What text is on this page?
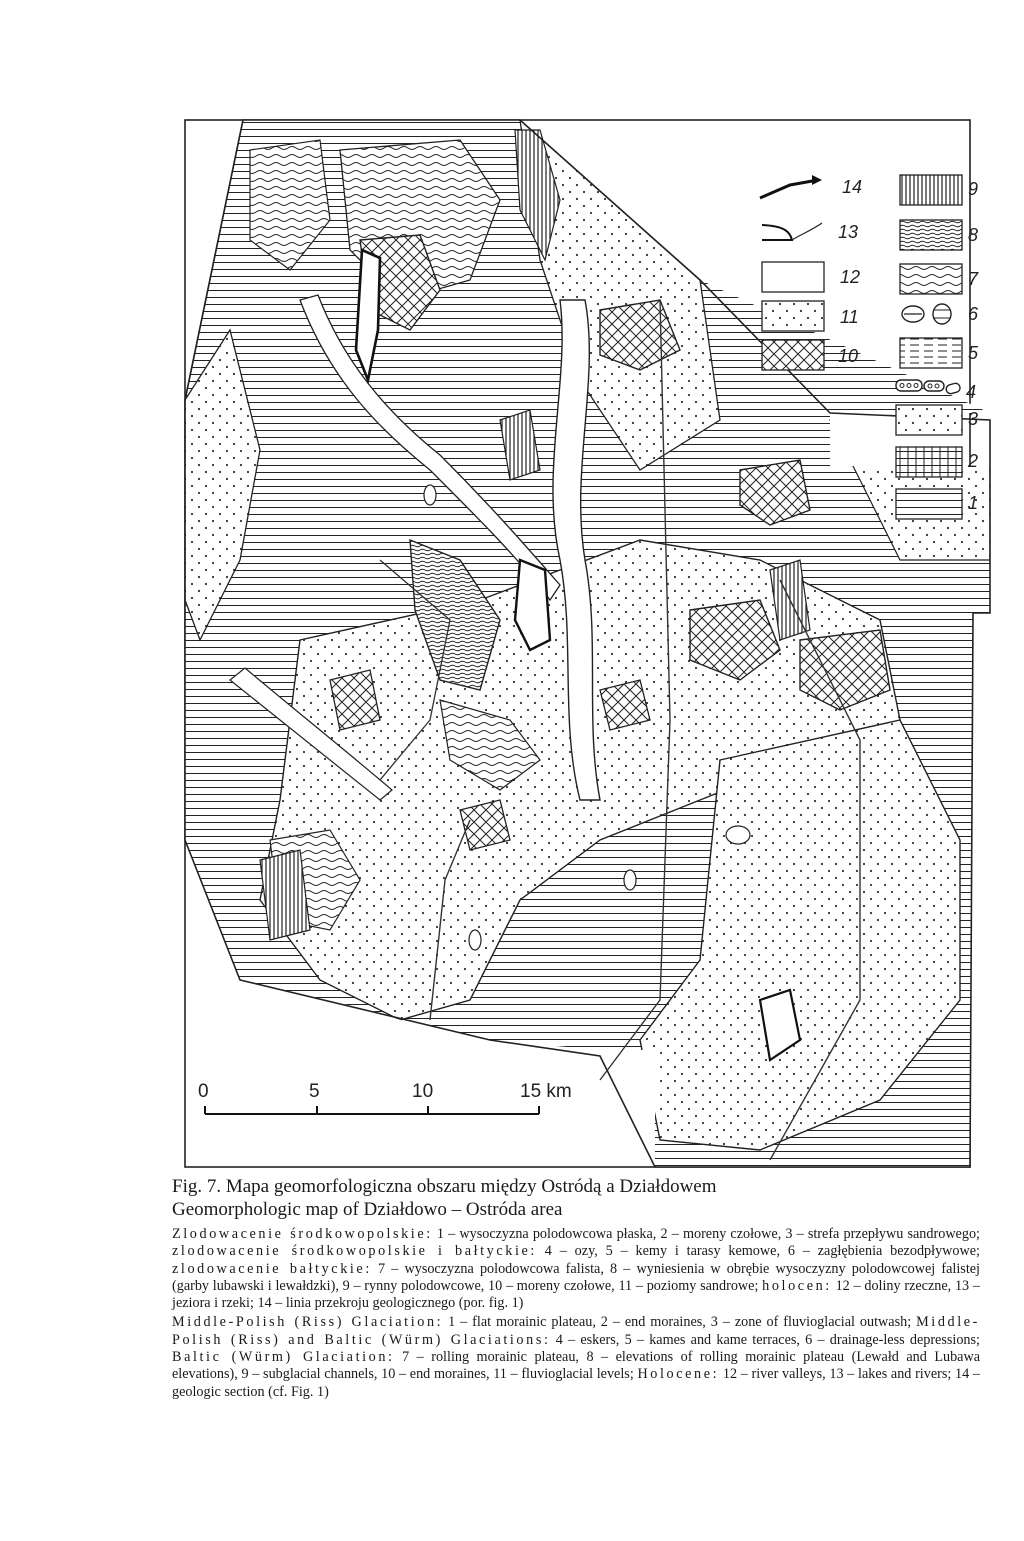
14
13
12
11
10
9
8
7
6
5
4
3
2
1
0	5	10	15 km
Fig. 7. Mapa geomorfologiczna obszaru między Ostródą a Działdowem
Geomorphologic map of Działdowo – Ostróda area

Zlodowacenie środkowopolskie: 1 – wysoczyzna polodowcowa płaska, 2 – moreny czołowe, 3 – strefa przepływu sandrowego; zlodowacenie środkowopolskie i bałtyckie: 4 – ozy, 5 – kemy i tarasy kemowe, 6 – zagłębienia bezodpływowe; zlodowacenie bałtyckie: 7 – wysoczyzna polodowcowa falista, 8 – wyniesienia w obrębie wysoczyzny polodowcowej falistej (garby lubawski i lewałdzki), 9 – rynny polodowcowe, 10 – moreny czołowe, 11 – poziomy sandrowe; holocen: 12 – doliny rzeczne, 13 – jeziora i rzeki; 14 – linia przekroju geologicznego (por. fig. 1)

Middle-Polish (Riss) Glaciation: 1 – flat morainic plateau, 2 – end moraines, 3 – zone of fluvioglacial outwash; Middle-Polish (Riss) and Baltic (Würm) Glaciations: 4 – eskers, 5 – kames and kame terraces, 6 – drainage-less depressions; Baltic (Würm) Glaciation: 7 – rolling morainic plateau, 8 – elevations of rolling morainic plateau (Lewałd and Lubawa elevations), 9 – subglacial channels, 10 – end moraines, 11 – fluvioglacial levels; Holocene: 12 – river valleys, 13 – lakes and rivers; 14 – geologic section (cf. Fig. 1)
